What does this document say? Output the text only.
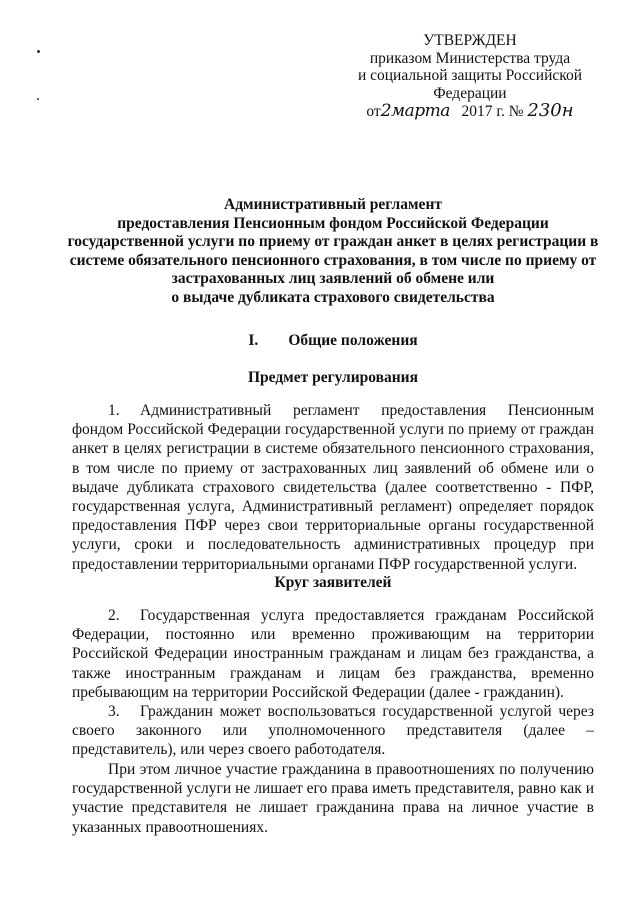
УТВЕРЖДЕН
приказом Министерства труда
и социальной защиты Российской
Федерации
от2марта 2017 г. № 230н
Административный регламент
предоставления Пенсионным фондом Российской Федерации
государственной услуги по приему от граждан анкет в целях регистрации в
системе обязательного пенсионного страхования, в том числе по приему от
застрахованных лиц заявлений об обмене или
о выдаче дубликата страхового свидетельства
I. Общие положения
Предмет регулирования
1. Административный регламент предоставления Пенсионным фондом Российской Федерации государственной услуги по приему от граждан анкет в целях регистрации в системе обязательного пенсионного страхования, в том числе по приему от застрахованных лиц заявлений об обмене или о выдаче дубликата страхового свидетельства (далее соответственно - ПФР, государственная услуга, Административный регламент) определяет порядок предоставления ПФР через свои территориальные органы государственной услуги, сроки и последовательность административных процедур при предоставлении территориальными органами ПФР государственной услуги.
Круг заявителей
2. Государственная услуга предоставляется гражданам Российской Федерации, постоянно или временно проживающим на территории Российской Федерации иностранным гражданам и лицам без гражданства, а также иностранным гражданам и лицам без гражданства, временно пребывающим на территории Российской Федерации (далее - гражданин).
3. Гражданин может воспользоваться государственной услугой через своего законного или уполномоченного представителя (далее – представитель), или через своего работодателя.
При этом личное участие гражданина в правоотношениях по получению государственной услуги не лишает его права иметь представителя, равно как и участие представителя не лишает гражданина права на личное участие в указанных правоотношениях.
